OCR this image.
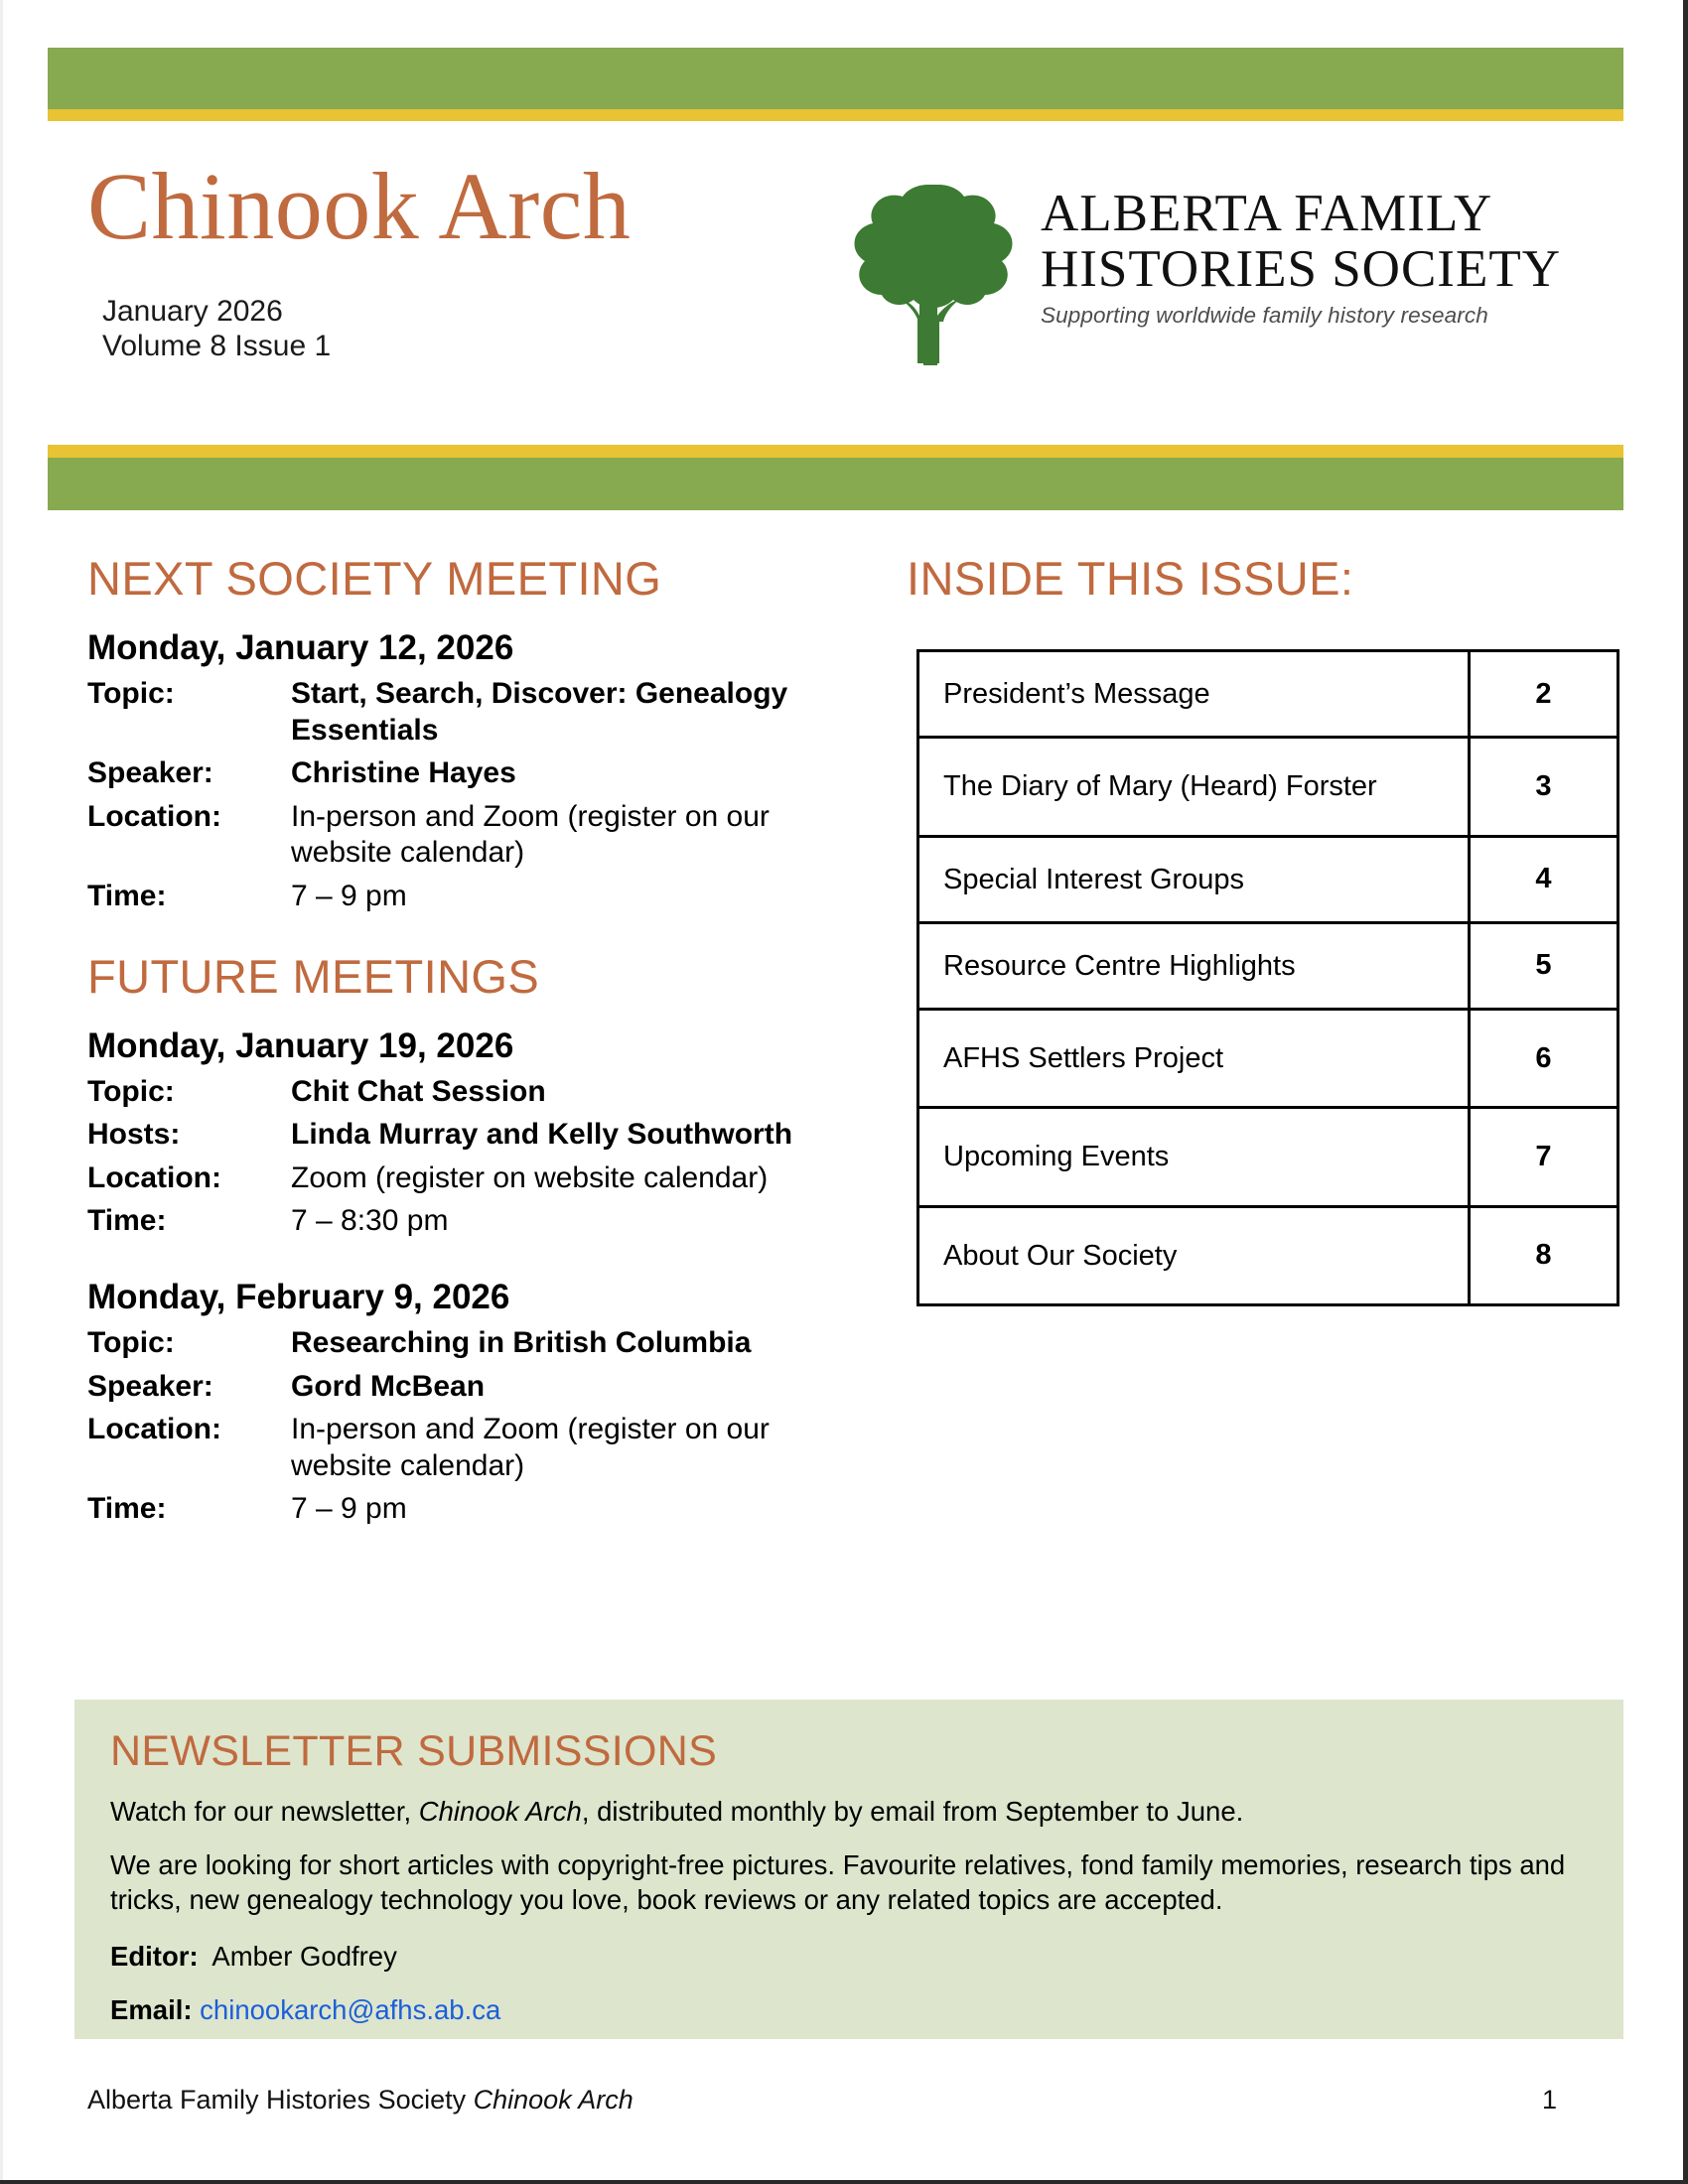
Chinook Arch
January 2026
Volume 8 Issue 1
ALBERTA FAMILY
HISTORIES SOCIETY
Supporting worldwide family history research
NEXT SOCIETY MEETING
Monday, January 12, 2026
Topic:	Start, Search, Discover: Genealogy Essentials
Speaker:	Christine Hayes
Location:	In-person and Zoom (register on our website calendar)
Time:	7 – 9 pm
FUTURE MEETINGS
Monday, January 19, 2026
Topic:	Chit Chat Session
Hosts:	Linda Murray and Kelly Southworth
Location:	Zoom (register on website calendar)
Time:	7 – 8:30 pm
Monday, February 9, 2026
Topic:	Researching in British Columbia
Speaker:	Gord McBean
Location:	In-person and Zoom (register on our website calendar)
Time:	7 – 9 pm
INSIDE THIS ISSUE:
President’s Message	2
The Diary of Mary (Heard) Forster	3
Special Interest Groups	4
Resource Centre Highlights	5
AFHS Settlers Project	6
Upcoming Events	7
About Our Society	8
NEWSLETTER SUBMISSIONS

Watch for our newsletter, Chinook Arch, distributed monthly by email from September to June.

We are looking for short articles with copyright-free pictures. Favourite relatives, fond family memories, research tips and tricks, new genealogy technology you love, book reviews or any related topics are accepted.

Editor: Amber Godfrey

Email: chinookarch@afhs.ab.ca

Alberta Family Histories Society Chinook Arch	1
